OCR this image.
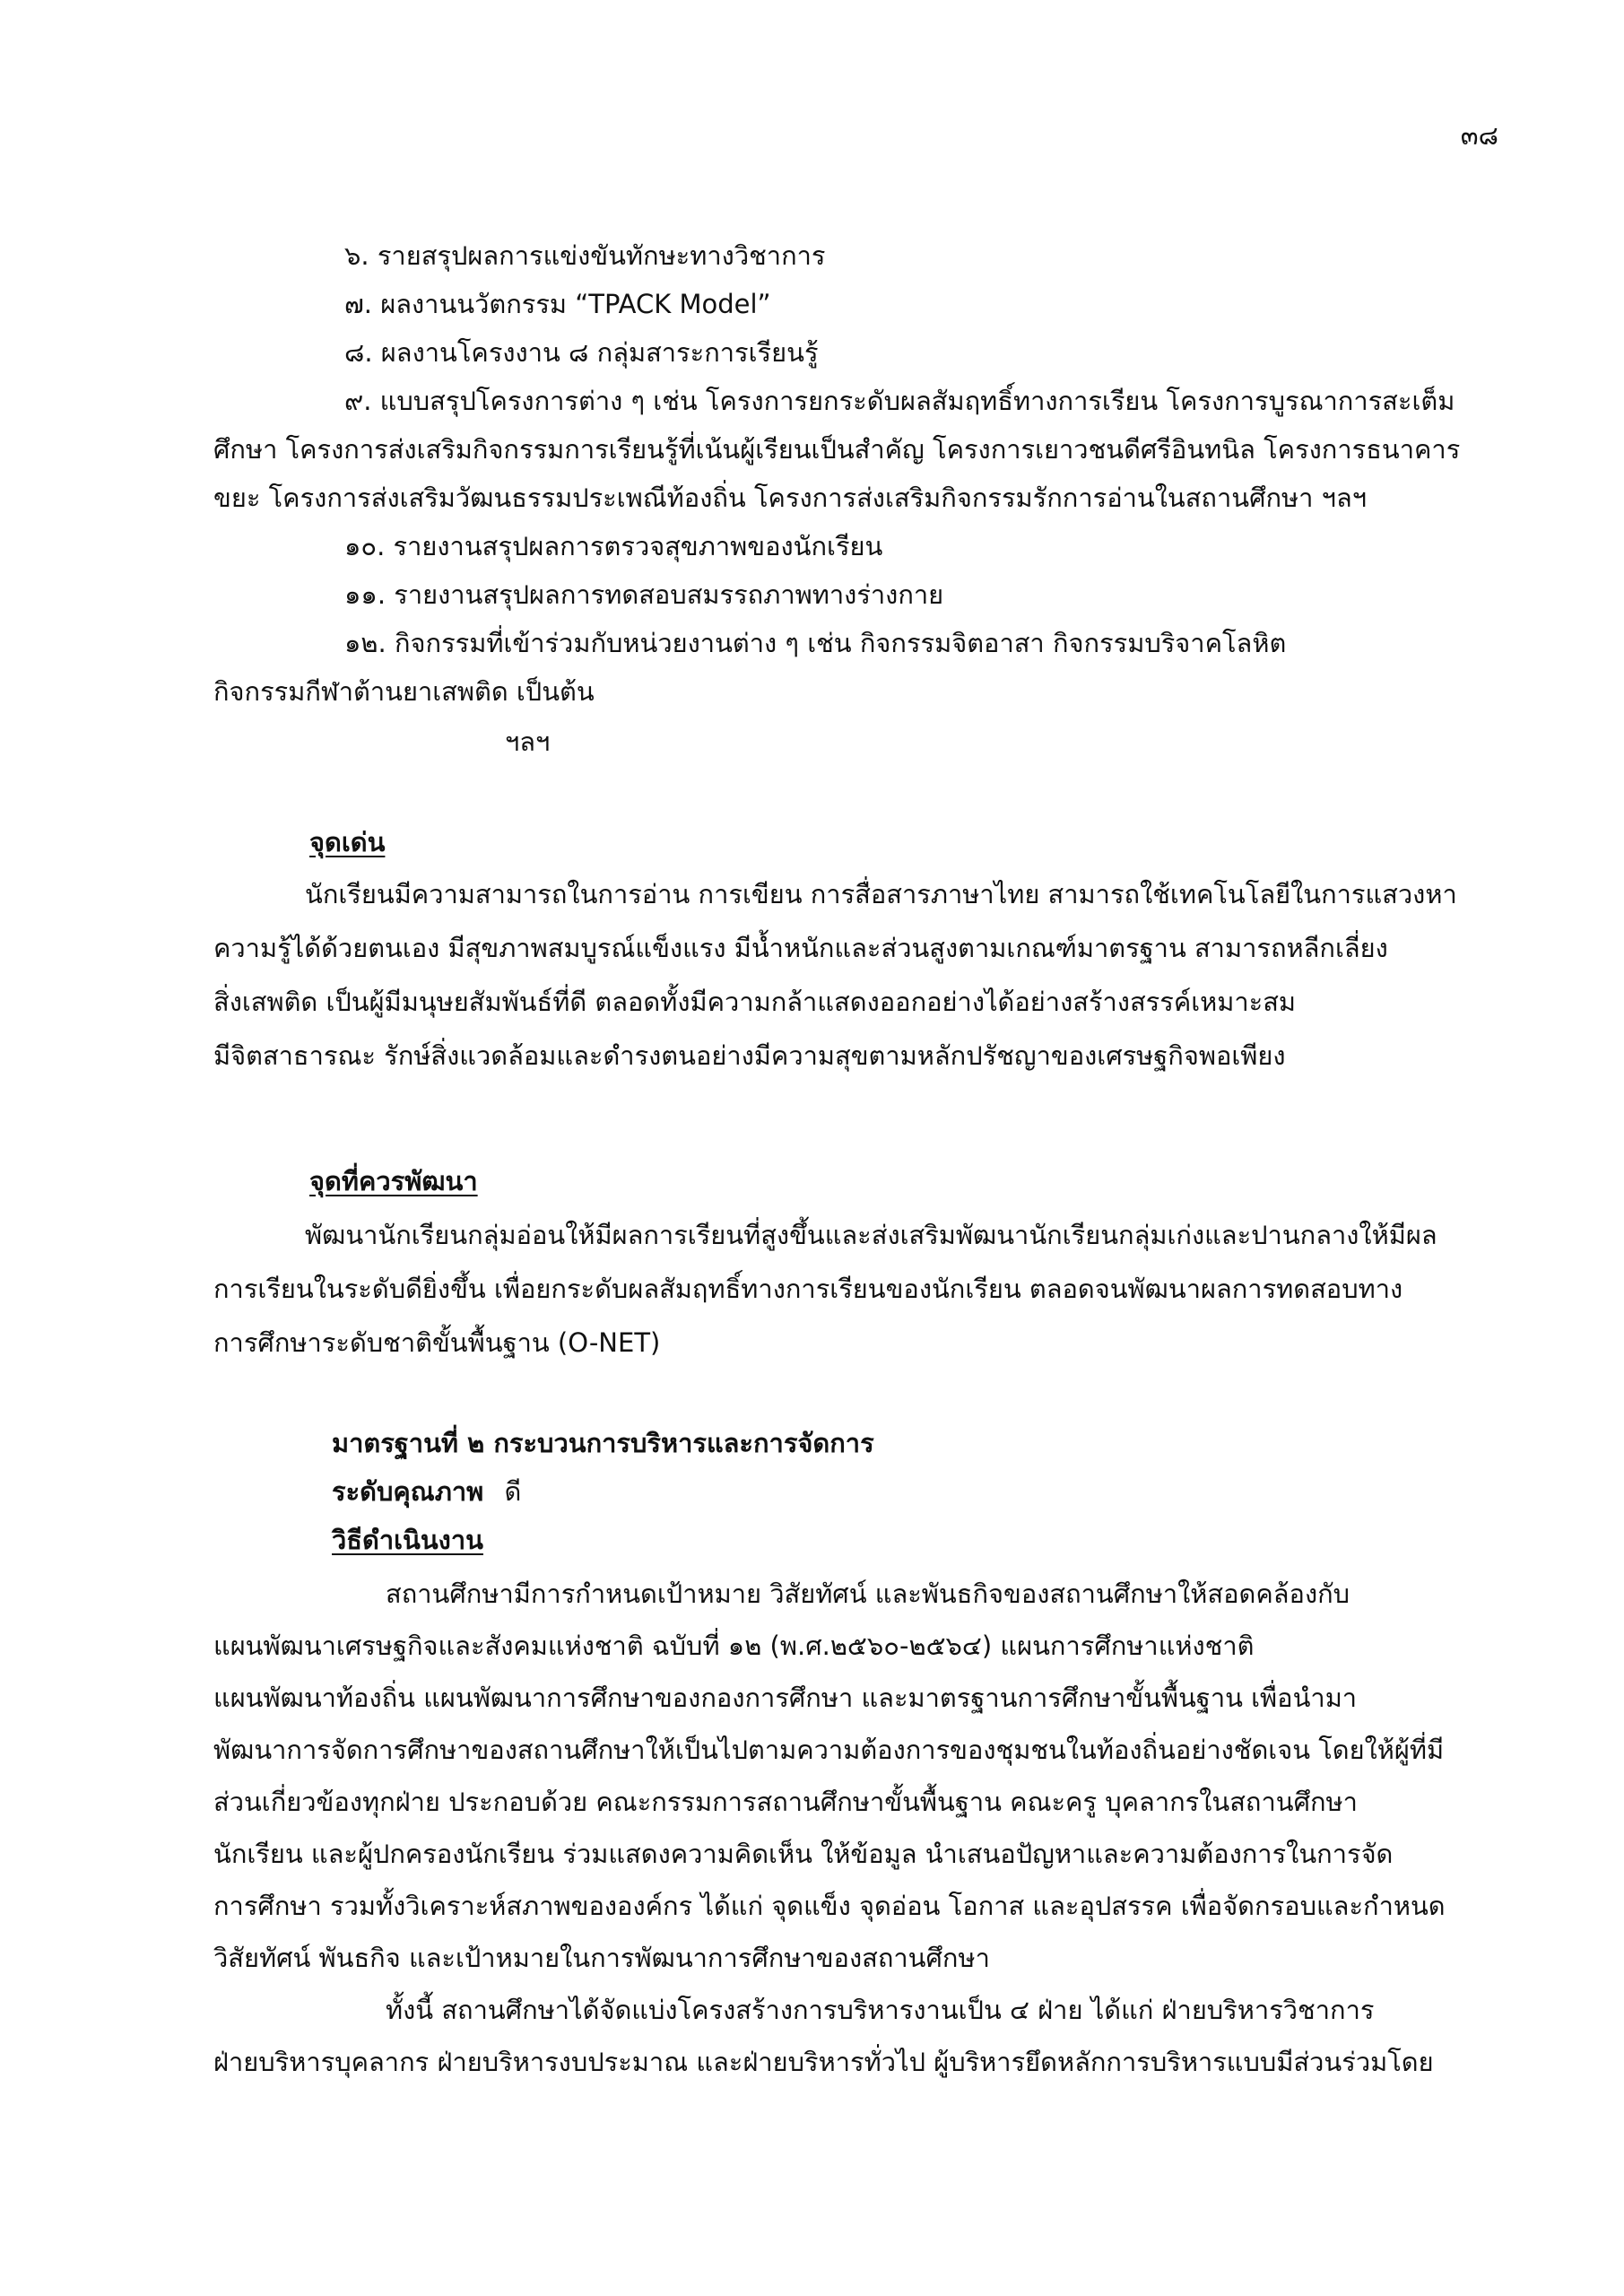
๓๘
๖. รายสรุปผลการแข่งขันทักษะทางวิชาการ
๗. ผลงานนวัตกรรม “TPACK Model”
๘. ผลงานโครงงาน ๘ กลุ่มสาระการเรียนรู้
๙. แบบสรุปโครงการต่าง ๆ เช่น โครงการยกระดับผลสัมฤทธิ์ทางการเรียน โครงการบูรณาการสะเต็ม
ศึกษา โครงการส่งเสริมกิจกรรมการเรียนรู้ที่เน้นผู้เรียนเป็นสำคัญ โครงการเยาวชนดีศรีอินทนิล โครงการธนาคาร
ขยะ โครงการส่งเสริมวัฒนธรรมประเพณีท้องถิ่น โครงการส่งเสริมกิจกรรมรักการอ่านในสถานศึกษา ฯลฯ
๑๐. รายงานสรุปผลการตรวจสุขภาพของนักเรียน
๑๑. รายงานสรุปผลการทดสอบสมรรถภาพทางร่างกาย
๑๒. กิจกรรมที่เข้าร่วมกับหน่วยงานต่าง ๆ เช่น กิจกรรมจิตอาสา กิจกรรมบริจาคโลหิต
กิจกรรมกีฬาต้านยาเสพติด เป็นต้น
ฯลฯ
จุดเด่น
นักเรียนมีความสามารถในการอ่าน การเขียน การสื่อสารภาษาไทย สามารถใช้เทคโนโลยีในการแสวงหา
ความรู้ได้ด้วยตนเอง มีสุขภาพสมบูรณ์แข็งแรง มีน้ำหนักและส่วนสูงตามเกณฑ์มาตรฐาน สามารถหลีกเลี่ยง
สิ่งเสพติด เป็นผู้มีมนุษยสัมพันธ์ที่ดี ตลอดทั้งมีความกล้าแสดงออกอย่างได้อย่างสร้างสรรค์เหมาะสม
มีจิตสาธารณะ รักษ์สิ่งแวดล้อมและดำรงตนอย่างมีความสุขตามหลักปรัชญาของเศรษฐกิจพอเพียง
จุดที่ควรพัฒนา
พัฒนานักเรียนกลุ่มอ่อนให้มีผลการเรียนที่สูงขึ้นและส่งเสริมพัฒนานักเรียนกลุ่มเก่งและปานกลางให้มีผล
การเรียนในระดับดียิ่งขึ้น เพื่อยกระดับผลสัมฤทธิ์ทางการเรียนของนักเรียน ตลอดจนพัฒนาผลการทดสอบทาง
การศึกษาระดับชาติขั้นพื้นฐาน (O-NET)
มาตรฐานที่ ๒ กระบวนการบริหารและการจัดการ
ระดับคุณภาพ ดี
วิธีดำเนินงาน
สถานศึกษามีการกำหนดเป้าหมาย วิสัยทัศน์ และพันธกิจของสถานศึกษาให้สอดคล้องกับ
แผนพัฒนาเศรษฐกิจและสังคมแห่งชาติ ฉบับที่ ๑๒ (พ.ศ.๒๕๖๐-๒๕๖๔) แผนการศึกษาแห่งชาติ
แผนพัฒนาท้องถิ่น แผนพัฒนาการศึกษาของกองการศึกษา และมาตรฐานการศึกษาขั้นพื้นฐาน เพื่อนำมา
พัฒนาการจัดการศึกษาของสถานศึกษาให้เป็นไปตามความต้องการของชุมชนในท้องถิ่นอย่างชัดเจน โดยให้ผู้ที่มี
ส่วนเกี่ยวข้องทุกฝ่าย ประกอบด้วย คณะกรรมการสถานศึกษาขั้นพื้นฐาน คณะครู บุคลากรในสถานศึกษา
นักเรียน และผู้ปกครองนักเรียน ร่วมแสดงความคิดเห็น ให้ข้อมูล นำเสนอปัญหาและความต้องการในการจัด
การศึกษา รวมทั้งวิเคราะห์สภาพขององค์กร ได้แก่ จุดแข็ง จุดอ่อน โอกาส และอุปสรรค เพื่อจัดกรอบและกำหนด
วิสัยทัศน์ พันธกิจ และเป้าหมายในการพัฒนาการศึกษาของสถานศึกษา
ทั้งนี้ สถานศึกษาได้จัดแบ่งโครงสร้างการบริหารงานเป็น ๔ ฝ่าย ได้แก่ ฝ่ายบริหารวิชาการ
ฝ่ายบริหารบุคลากร ฝ่ายบริหารงบประมาณ และฝ่ายบริหารทั่วไป ผู้บริหารยึดหลักการบริหารแบบมีส่วนร่วมโดย
